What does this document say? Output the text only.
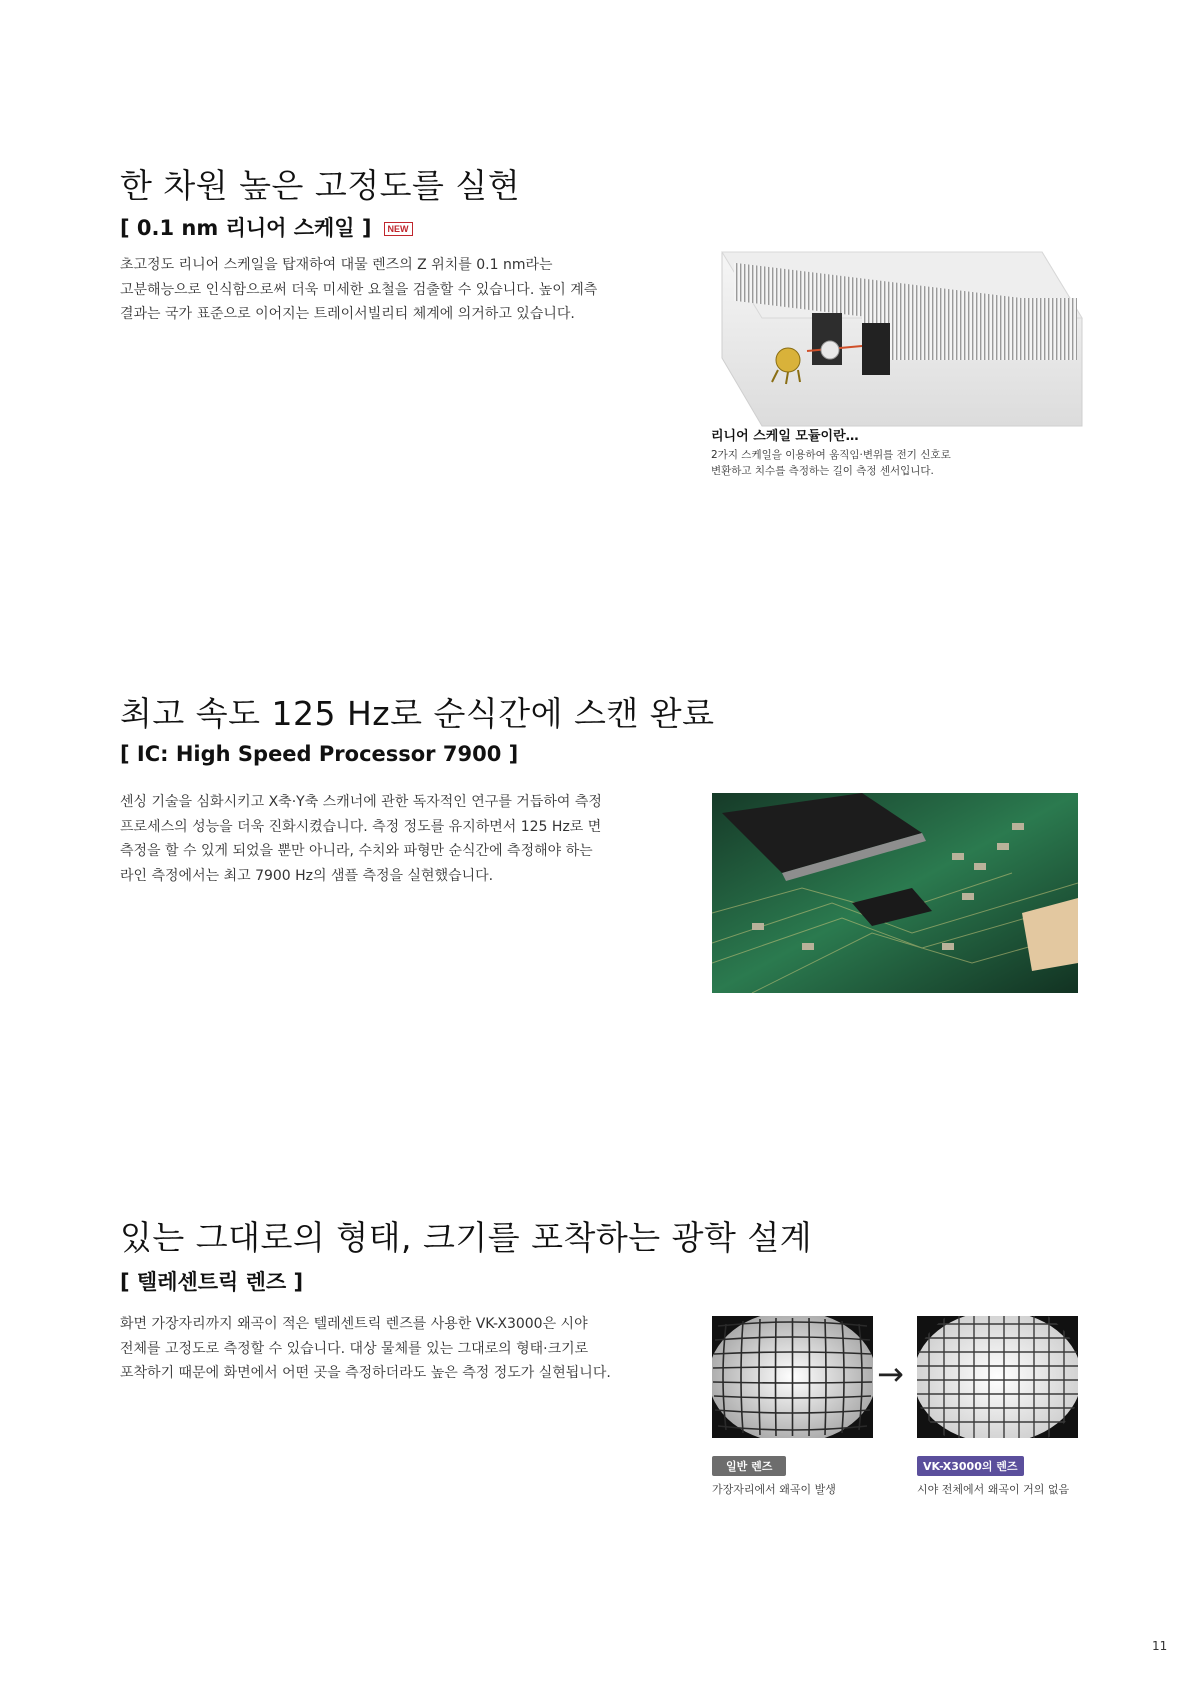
한 차원 높은 고정도를 실현
[ 0.1 nm 리니어 스케일 ] NEW

초고정도 리니어 스케일을 탑재하여 대물 렌즈의 Z 위치를 0.1 nm라는

고분해능으로 인식함으로써 더욱 미세한 요철을 검출할 수 있습니다. 높이 계측

결과는 국가 표준으로 이어지는 트레이서빌리티 체계에 의거하고 있습니다.

리니어 스케일 모듈이란…
2가지 스케일을 이용하여 움직임·변위를 전기 신호로
변환하고 치수를 측정하는 길이 측정 센서입니다.
최고 속도 125 Hz로 순식간에 스캔 완료
[ IC: High Speed Processor 7900 ]

센싱 기술을 심화시키고 X축·Y축 스캐너에 관한 독자적인 연구를 거듭하여 측정

프로세스의 성능을 더욱 진화시켰습니다. 측정 정도를 유지하면서 125 Hz로 면

측정을 할 수 있게 되었을 뿐만 아니라, 수치와 파형만 순식간에 측정해야 하는

라인 측정에서는 최고 7900 Hz의 샘플 측정을 실현했습니다.

있는 그대로의 형태, 크기를 포착하는 광학 설계
[ 텔레센트릭 렌즈 ]

화면 가장자리까지 왜곡이 적은 텔레센트릭 렌즈를 사용한 VK-X3000은 시야

전체를 고정도로 측정할 수 있습니다. 대상 물체를 있는 그대로의 형태·크기로

포착하기 때문에 화면에서 어떤 곳을 측정하더라도 높은 측정 정도가 실현됩니다.	→
일반 렌즈
가장자리에서 왜곡이 발생
VK-X3000의 렌즈
시야 전체에서 왜곡이 거의 없음
11
